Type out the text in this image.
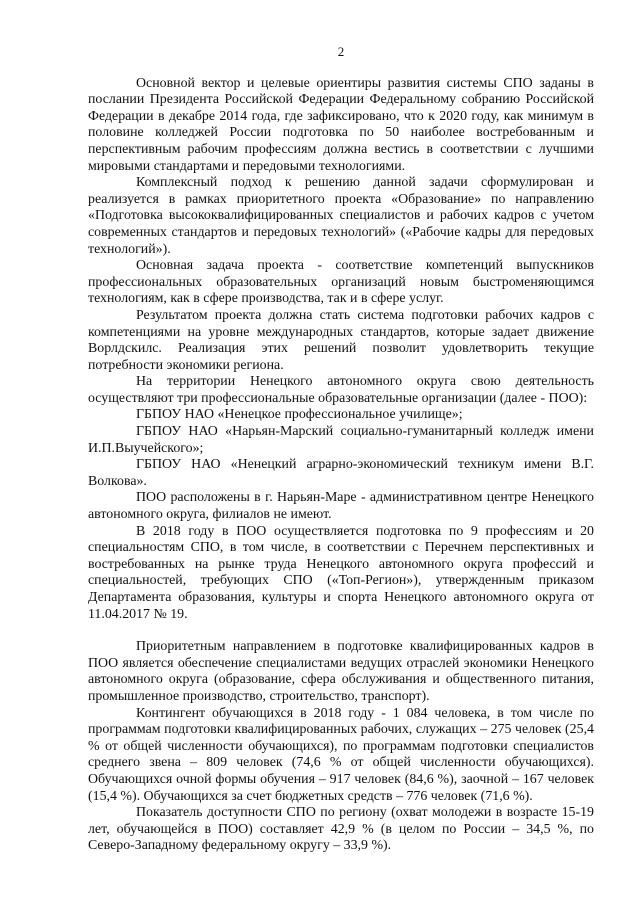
2

Основной вектор и целевые ориентиры развития системы СПО заданы в послании Президента Российской Федерации Федеральному собранию Российской Федерации в декабре 2014 года, где зафиксировано, что к 2020 году, как минимум в половине колледжей России подготовка по 50 наиболее востребованным и перспективным рабочим профессиям должна вестись в соответствии с лучшими мировыми стандартами и передовыми технологиями.

Комплексный подход к решению данной задачи сформулирован и реализуется в рамках приоритетного проекта «Образование» по направлению «Подготовка высококвалифицированных специалистов и рабочих кадров с учетом современных стандартов и передовых технологий» («Рабочие кадры для передовых технологий»).

Основная задача проекта - соответствие компетенций выпускников профессиональных образовательных организаций новым быстроменяющимся технологиям, как в сфере производства, так и в сфере услуг.

Результатом проекта должна стать система подготовки рабочих кадров с компетенциями на уровне международных стандартов, которые задает движение Ворлдскилс. Реализация этих решений позволит удовлетворить текущие потребности экономики региона.

На территории Ненецкого автономного округа свою деятельность осуществляют три профессиональные образовательные организации (далее - ПОО):

ГБПОУ НАО «Ненецкое профессиональное училище»;

ГБПОУ НАО «Нарьян-Марский социально-гуманитарный колледж имени И.П.Выучейского»;

ГБПОУ НАО «Ненецкий аграрно-экономический техникум имени В.Г. Волкова».

ПОО расположены в г. Нарьян-Маре - административном центре Ненецкого автономного округа, филиалов не имеют.

В 2018 году в ПОО осуществляется подготовка по 9 профессиям и 20 специальностям СПО, в том числе, в соответствии с Перечнем перспективных и востребованных на рынке труда Ненецкого автономного округа профессий и специальностей, требующих СПО («Топ-Регион»), утвержденным приказом Департамента образования, культуры и спорта Ненецкого автономного округа от 11.04.2017 № 19.

Приоритетным направлением в подготовке квалифицированных кадров в ПОО является обеспечение специалистами ведущих отраслей экономики Ненецкого автономного округа (образование, сфера обслуживания и общественного питания, промышленное производство, строительство, транспорт).

Контингент обучающихся в 2018 году - 1 084 человека, в том числе по программам подготовки квалифицированных рабочих, служащих – 275 человек (25,4 % от общей численности обучающихся), по программам подготовки специалистов среднего звена – 809 человек (74,6 % от общей численности обучающихся). Обучающихся очной формы обучения – 917 человек (84,6 %), заочной – 167 человек (15,4 %). Обучающихся за счет бюджетных средств – 776 человек (71,6 %).

Показатель доступности СПО по региону (охват молодежи в возрасте 15-19 лет, обучающейся в ПОО) составляет 42,9 % (в целом по России – 34,5 %, по Северо-Западному федеральному округу – 33,9 %).
